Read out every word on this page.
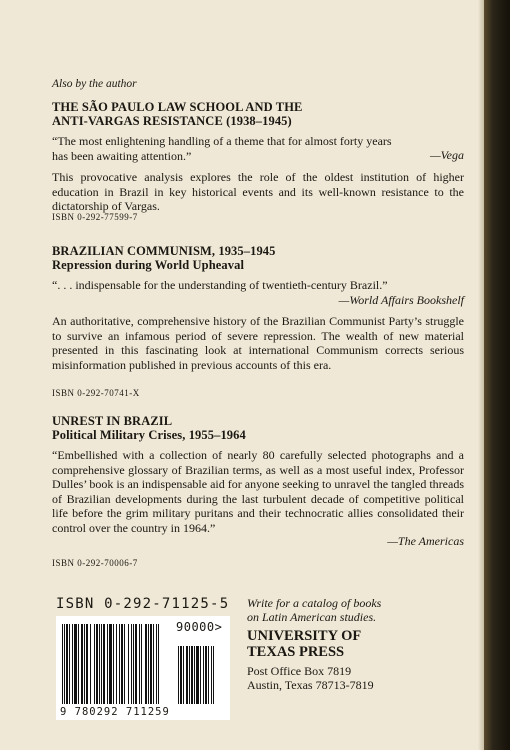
Also by the author
THE SÃO PAULO LAW SCHOOL AND THE
ANTI-VARGAS RESISTANCE (1938–1945)
“The most enlightening handling of a theme that for almost forty years
has been awaiting attention.”	—Vega
This provocative analysis explores the role of the oldest institution of higher education in Brazil in key historical events and its well-known resistance to the dictatorship of Vargas.
ISBN 0-292-77599-7
BRAZILIAN COMMUNISM, 1935–1945
Repression during World Upheaval
“. . . indispensable for the understanding of twentieth-century Brazil.”
—World Affairs Bookshelf
An authoritative, comprehensive history of the Brazilian Communist Party’s struggle to survive an infamous period of severe repression. The wealth of new material presented in this fascinating look at international Communism corrects serious misinformation published in previous accounts of this era.
ISBN 0-292-70741-X
UNREST IN BRAZIL
Political Military Crises, 1955–1964
“Embellished with a collection of nearly 80 carefully selected photographs and a comprehensive glossary of Brazilian terms, as well as a most useful index, Professor Dulles’ book is an indispensable aid for anyone seeking to unravel the tangled threads of Brazilian developments during the last turbulent decade of competitive political life before the grim military puritans and their technocratic allies consolidated their control over the country in 1964.”
—The Americas
ISBN 0-292-70006-7
ISBN 0-292-71125-5
90000>
9 780292 711259
Write for a catalog of books
on Latin American studies.
UNIVERSITY OF
TEXAS PRESS
Post Office Box 7819
Austin, Texas 78713-7819
